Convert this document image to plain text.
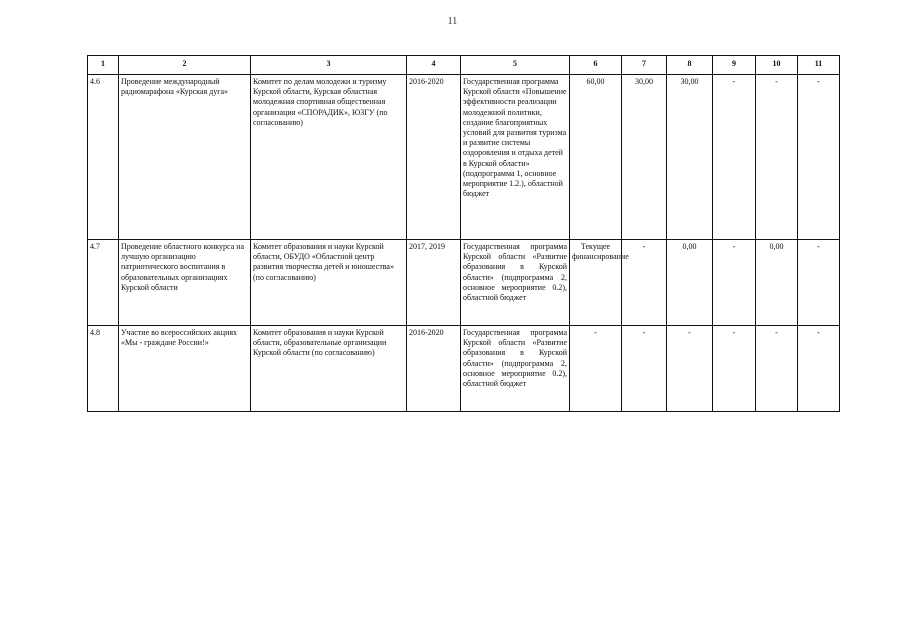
11
1	2	3	4	5	6	7	8	9	10	11
4.6	Проведение международный радиомарафона «Курская дуга»	Комитет по делам молодежи и туризму Курской области, Курская областная молодежная спортивная общественная организация «СПОРАДИК», ЮЗГУ (по согласованию)	2016-2020	Государственная программа Курской области «Повышение эффективности реализации молодежной политики, создание благоприятных условий для развития туризма и развитие системы оздоровления и отдыха детей в Курской области» (подпрограмма 1, основное мероприятие 1.2.), областной бюджет	60,00	30,00	30,00	-	-	-
4.7	Проведение областного конкурса на лучшую организацию патриотического воспитания в образовательных организациях Курской области	Комитет образования и науки Курской области, ОБУДО «Областной центр развития творчества детей и юношества» (по согласованию)	2017, 2019	Государственная программа Курской области «Развитие образования в Курской области» (подпрограмма 2, основное мероприятие 0.2), областной бюджет	Текущее финансирование	-	0,00	-	0,00	-
4.8	Участие во всероссийских акциях «Мы - граждане России!»	Комитет образования и науки Курской области, образовательные организации Курской области (по согласованию)	2016-2020	Государственная программа Курской области «Развитие образования в Курской области» (подпрограмма 2, основное мероприятие 0.2), областной бюджет	-	-	-	-	-	-
